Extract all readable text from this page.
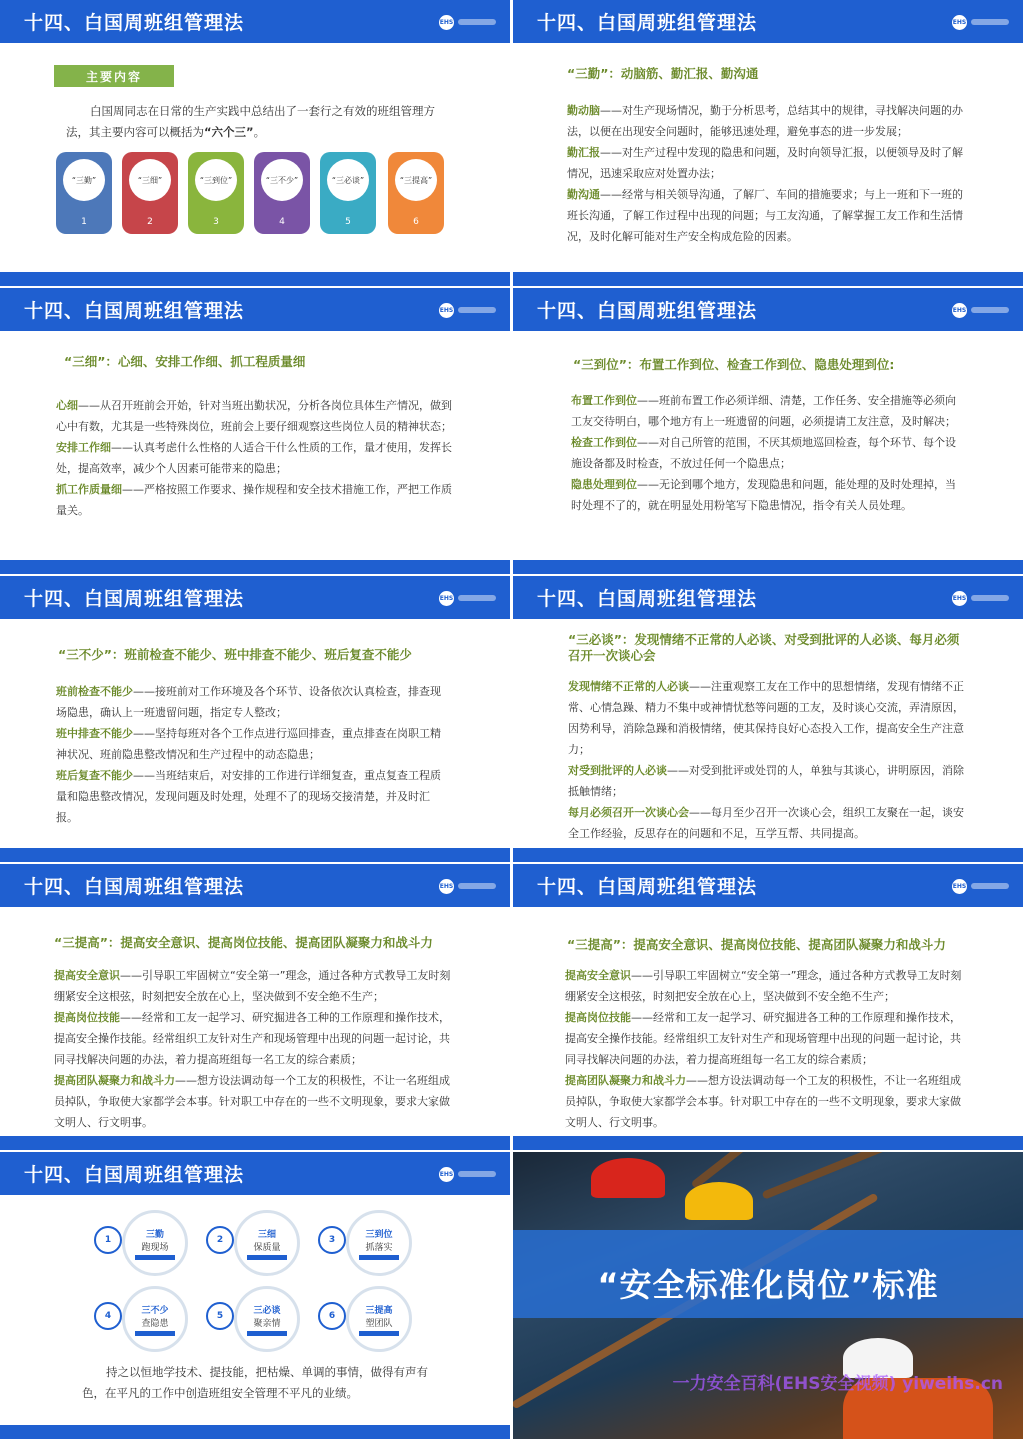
十四、白国周班组管理法	EHS
主要内容
白国周同志在日常的生产实践中总结出了一套行之有效的班组管理方法，其主要内容可以概括为“六个三”。
“三勤”
1
“三细”
2
“三到位”
3
“三不少”
4
“三必谈”
5
“三提高”
6
十四、白国周班组管理法	EHS
“三勤”：动脑筋、勤汇报、勤沟通
勤动脑——对生产现场情况，勤于分析思考，总结其中的规律，寻找解决问题的办法，以便在出现安全问题时，能够迅速处理，避免事态的进一步发展；
勤汇报——对生产过程中发现的隐患和问题，及时向领导汇报，以便领导及时了解情况，迅速采取应对处置办法；
勤沟通——经常与相关领导沟通，了解厂、车间的措施要求；与上一班和下一班的班长沟通，了解工作过程中出现的问题；与工友沟通，了解掌握工友工作和生活情况，及时化解可能对生产安全构成危险的因素。
十四、白国周班组管理法	EHS
“三细”：心细、安排工作细、抓工程质量细
心细——从召开班前会开始，针对当班出勤状况，分析各岗位具体生产情况，做到心中有数，尤其是一些特殊岗位，班前会上要仔细观察这些岗位人员的精神状态；
安排工作细——认真考虑什么性格的人适合干什么性质的工作，量才使用，发挥长处，提高效率，减少个人因素可能带来的隐患；
抓工作质量细——严格按照工作要求、操作规程和安全技术措施工作，严把工作质量关。
十四、白国周班组管理法	EHS
“三到位”：布置工作到位、检查工作到位、隐患处理到位:
布置工作到位——班前布置工作必须详细、清楚，工作任务、安全措施等必须向工友交待明白，哪个地方有上一班遗留的问题，必须提请工友注意，及时解决；
检查工作到位——对自己所管的范围，不厌其烦地巡回检查，每个环节、每个设施设备都及时检查，不放过任何一个隐患点；
隐患处理到位——无论到哪个地方，发现隐患和问题，能处理的及时处理掉，当时处理不了的，就在明显处用粉笔写下隐患情况，指令有关人员处理。
十四、白国周班组管理法	EHS
“三不少”：班前检查不能少、班中排查不能少、班后复查不能少
班前检查不能少——接班前对工作环境及各个环节、设备依次认真检查，排查现场隐患，确认上一班遗留问题，指定专人整改；
班中排查不能少——坚持每班对各个工作点进行巡回排查，重点排查在岗职工精神状况、班前隐患整改情况和生产过程中的动态隐患；
班后复查不能少——当班结束后，对安排的工作进行详细复查，重点复查工程质量和隐患整改情况，发现问题及时处理，处理不了的现场交接清楚，并及时汇报。
十四、白国周班组管理法	EHS
“三必谈”：发现情绪不正常的人必谈、对受到批评的人必谈、每月必须召开一次谈心会
发现情绪不正常的人必谈——注重观察工友在工作中的思想情绪，发现有情绪不正常、心情急躁、精力不集中或神情忧愁等问题的工友，及时谈心交流，弄清原因，因势利导，消除急躁和消极情绪，使其保持良好心态投入工作，提高安全生产注意力；
对受到批评的人必谈——对受到批评或处罚的人，单独与其谈心，讲明原因，消除抵触情绪；
每月必须召开一次谈心会——每月至少召开一次谈心会，组织工友聚在一起，谈安全工作经验，反思存在的问题和不足，互学互帮、共同提高。
十四、白国周班组管理法	EHS
“三提高”：提高安全意识、提高岗位技能、提高团队凝聚力和战斗力
提高安全意识——引导职工牢固树立“安全第一”理念，通过各种方式教导工友时刻绷紧安全这根弦，时刻把安全放在心上，坚决做到不安全绝不生产；
提高岗位技能——经常和工友一起学习、研究掘进各工种的工作原理和操作技术，提高安全操作技能。经常组织工友针对生产和现场管理中出现的问题一起讨论，共同寻找解决问题的办法，着力提高班组每一名工友的综合素质；
提高团队凝聚力和战斗力——想方设法调动每一个工友的积极性，不让一名班组成员掉队，争取使大家都学会本事。针对职工中存在的一些不文明现象，要求大家做文明人、行文明事。
十四、白国周班组管理法	EHS
“三提高”：提高安全意识、提高岗位技能、提高团队凝聚力和战斗力
提高安全意识——引导职工牢固树立“安全第一”理念，通过各种方式教导工友时刻绷紧安全这根弦，时刻把安全放在心上，坚决做到不安全绝不生产；
提高岗位技能——经常和工友一起学习、研究掘进各工种的工作原理和操作技术，提高安全操作技能。经常组织工友针对生产和现场管理中出现的问题一起讨论，共同寻找解决问题的办法，着力提高班组每一名工友的综合素质；
提高团队凝聚力和战斗力——想方设法调动每一个工友的积极性，不让一名班组成员掉队，争取使大家都学会本事。针对职工中存在的一些不文明现象，要求大家做文明人、行文明事。
十四、白国周班组管理法	EHS
三勤
跑现场
1	三细
保质量
2	三到位
抓落实
3
三不少
查隐患
4	三必谈
聚亲情
5	三提高
塑团队
6
持之以恒地学技术、提技能，把枯燥、单调的事情，做得有声有色，在平凡的工作中创造班组安全管理不平凡的业绩。
“安全标准化岗位”标准
一力安全百科(EHS安全视频) yiweihs.cn
